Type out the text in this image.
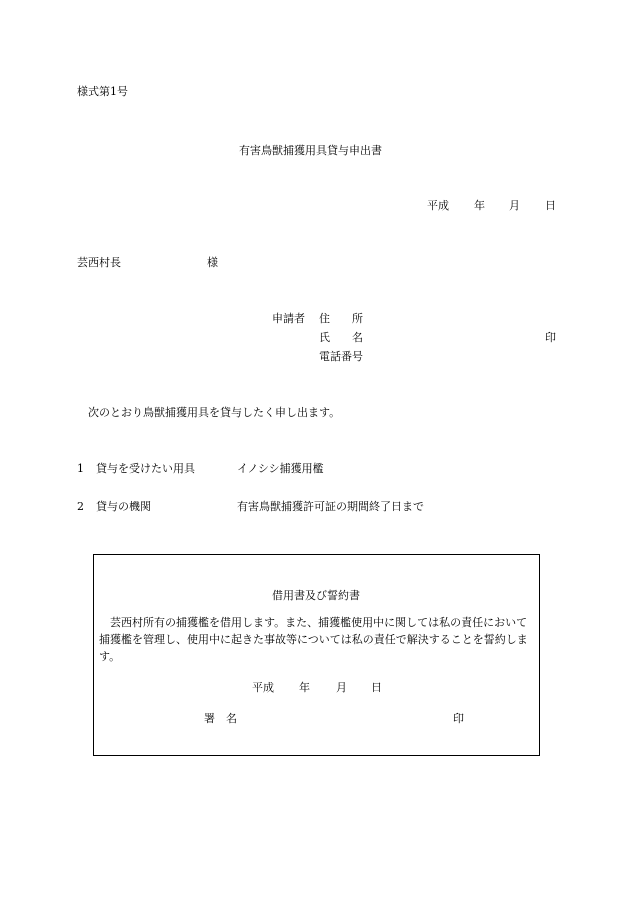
様式第1号
有害鳥獣捕獲用具貸与申出書
平成 年 月 日
芸西村長	様
申請者 住　　所
氏　　名	印
電話番号
次のとおり鳥獣捕獲用具を貸与したく申し出ます。
1 貸与を受けたい用具	イノシシ捕獲用檻
2 貸与の機関	有害鳥獣捕獲許可証の期間終了日まで
借用書及び誓約書
芸西村所有の捕獲檻を借用します。また、捕獲檻使用中に関しては私の責任において捕獲檻を管理し、使用中に起きた事故等については私の責任で解決することを誓約します。
平成 年 月 日
署　名	印
